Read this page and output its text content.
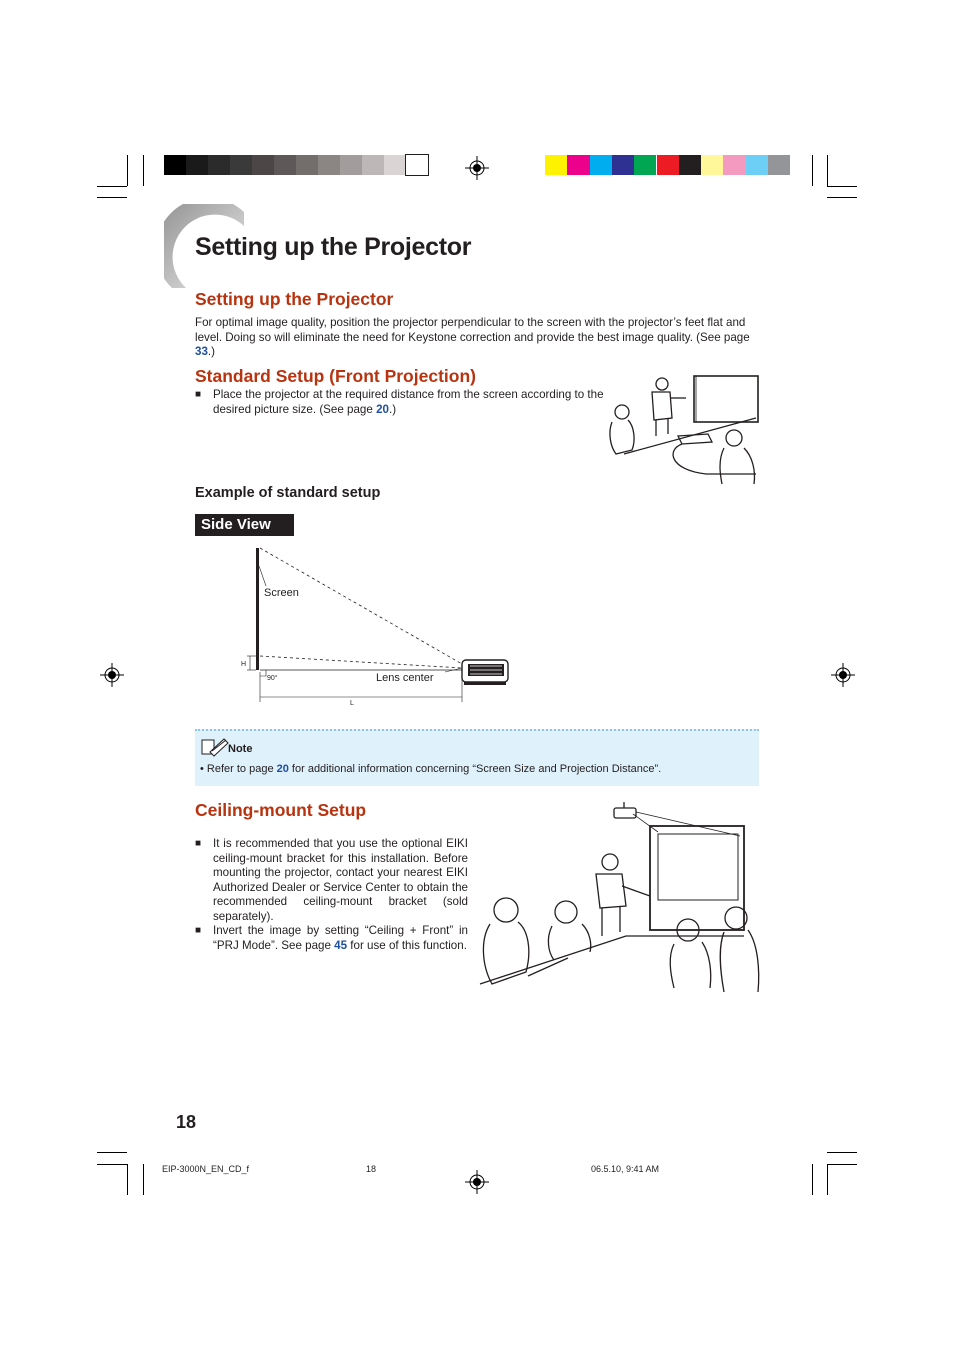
Setting up the Projector
Setting up the Projector

For optimal image quality, position the projector perpendicular to the screen with the projector’s feet flat and level. Doing so will eliminate the need for Keystone correction and provide the best image quality. (See page 33.)

Standard Setup (Front Projection)
■ Place the projector at the required distance from the screen according to the desired picture size. (See page 20.)
Example of standard setup
Side View
Screen
H
90°	Lens center
L
Note

• Refer to page 20 for additional information concerning “Screen Size and Projection Distance”.

Ceiling-mount Setup
■ It is recommended that you use the optional EIKI ceiling-mount bracket for this installation. Before mounting the projector, contact your nearest EIKI Authorized Dealer or Service Center to obtain the recommended ceiling-mount bracket (sold separately).
■ Invert the image by setting “Ceiling + Front” in “PRJ Mode”. See page 45 for use of this function.
18
EIP-3000N_EN_CD_f	18	06.5.10, 9:41 AM
